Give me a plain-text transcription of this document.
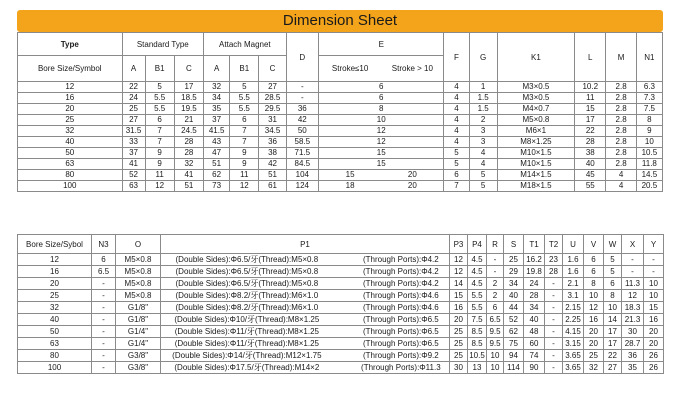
Dimension Sheet
Type	Standard Type			Attach Magnet			D	E	F	G	K1	L	M	N1
Bore Size/Symbol	A	B1	C	A	B1	C		Stroke≤10 Stroke > 10						

12	22	5	17	32	5	27	-	6	4	1	M3×0.5	10.2	2.8	6.3
16	24	5.5	18.5	34	5.5	28.5	-	6	4	1.5	M3×0.5	11	2.8	7.3
20	25	5.5	19.5	35	5.5	29.5	36	8	4	1.5	M4×0.7	15	2.8	7.5
25	27	6	21	37	6	31	42	10	4	2	M5×0.8	17	2.8	8
32	31.5	7	24.5	41.5	7	34.5	50	12	4	3	M6×1	22	2.8	9
40	33	7	28	43	7	36	58.5	12	4	3	M8×1.25	28	2.8	10
50	37	9	28	47	9	38	71.5	15	5	4	M10×1.5	38	2.8	10.5
63	41	9	32	51	9	42	84.5	15	5	4	M10×1.5	40	2.8	11.8
80	52	11	41	62	11	51	104	15 20	6	5	M14×1.5	45	4	14.5
100	63	12	51	73	12	61	124	18 20	7	5	M18×1.5	55	4	20.5
Bore Size/Sybol	N3	O	P1	P3	P4	R	S	T1	T2	U	V	W	X	Y
12	6	M5×0.8	(Double Sides):Φ6.5/牙(Thread):M5×0.8 (Through Ports):Φ4.2	12	4.5	-	25	16.2	23	1.6	6	5	-	-
16	6.5	M5×0.8	(Double Sides):Φ6.5/牙(Thread):M5×0.8 (Through Ports):Φ4.2	12	4.5	-	29	19.8	28	1.6	6	5	-	-
20	-	M5×0.8	(Double Sides):Φ6.5/牙(Thread):M5×0.8 (Through Ports):Φ4.2	14	4.5	2	34	24	-	2.1	8	6	11.3	10
25	-	M5×0.8	(Double Sides):Φ8.2/牙(Thread):M6×1.0 (Through Ports):Φ4.6	15	5.5	2	40	28	-	3.1	10	8	12	10
32	-	G1/8"	(Double Sides):Φ8.2/牙(Thread):M6×1.0 (Through Ports):Φ4.6	16	5.5	6	44	34	-	2.15	12	10	18.3	15
40	-	G1/8"	(Double Sides):Φ10/牙(Thread):M8×1.25 (Through Ports):Φ6.5	20	7.5	6.5	52	40	-	2.25	16	14	21.3	16
50	-	G1/4"	(Double Sides):Φ11/牙(Thread):M8×1.25 (Through Ports):Φ6.5	25	8.5	9.5	62	48	-	4.15	20	17	30	20
63	-	G1/4"	(Double Sides):Φ11/牙(Thread):M8×1.25 (Through Ports):Φ6.5	25	8.5	9.5	75	60	-	3.15	20	17	28.7	20
80	-	G3/8"	(Double Sides):Φ14/牙(Thread):M12×1.75 (Through Ports):Φ9.2	25	10.5	10	94	74	-	3.65	25	22	36	26
100	-	G3/8"	(Double Sides):Φ17.5/牙(Thread):M14×2 (Through Ports):Φ11.3	30	13	10	114	90	-	3.65	32	27	35	26
